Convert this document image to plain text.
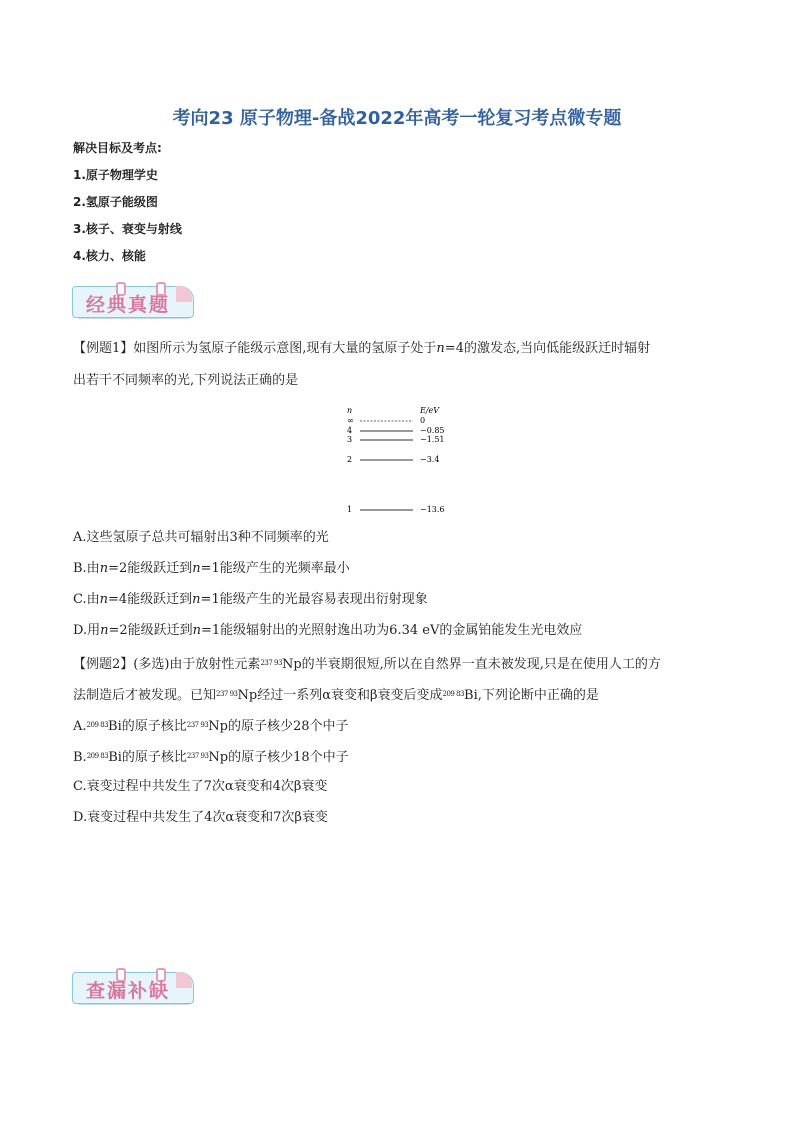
考向23 原子物理-备战2022年高考一轮复习考点微专题
解决目标及考点:
1.原子物理学史
2.氢原子能级图
3.核子、衰变与射线
4.核力、核能
经典真题
【例题1】如图所示为氢原子能级示意图,现有大量的氢原子处于n=4的激发态,当向低能级跃迁时辐射
出若干不同频率的光,下列说法正确的是
n	E/eV
∞	0
4	−0.85
3	−1.51
2	−3.4
1	−13.6
A.这些氢原子总共可辐射出3种不同频率的光
B.由n=2能级跃迁到n=1能级产生的光频率最小
C.由n=4能级跃迁到n=1能级产生的光最容易表现出衍射现象
D.用n=2能级跃迁到n=1能级辐射出的光照射逸出功为6.34 eV的金属铂能发生光电效应
【例题2】(多选)由于放射性元素$^{237 93}$Np的半衰期很短,所以在自然界一直未被发现,只是在使用人工的方
法制造后才被发现。已知$^{237 93}$Np经过一系列α衰变和β衰变后变成$^{209 83}$Bi,下列论断中正确的是
A.$^{209 83}$Bi的原子核比$^{237 93}$Np的原子核少28个中子
B.$^{209 83}$Bi的原子核比$^{237 93}$Np的原子核少18个中子
C.衰变过程中共发生了7次α衰变和4次β衰变
D.衰变过程中共发生了4次α衰变和7次β衰变
查漏补缺
